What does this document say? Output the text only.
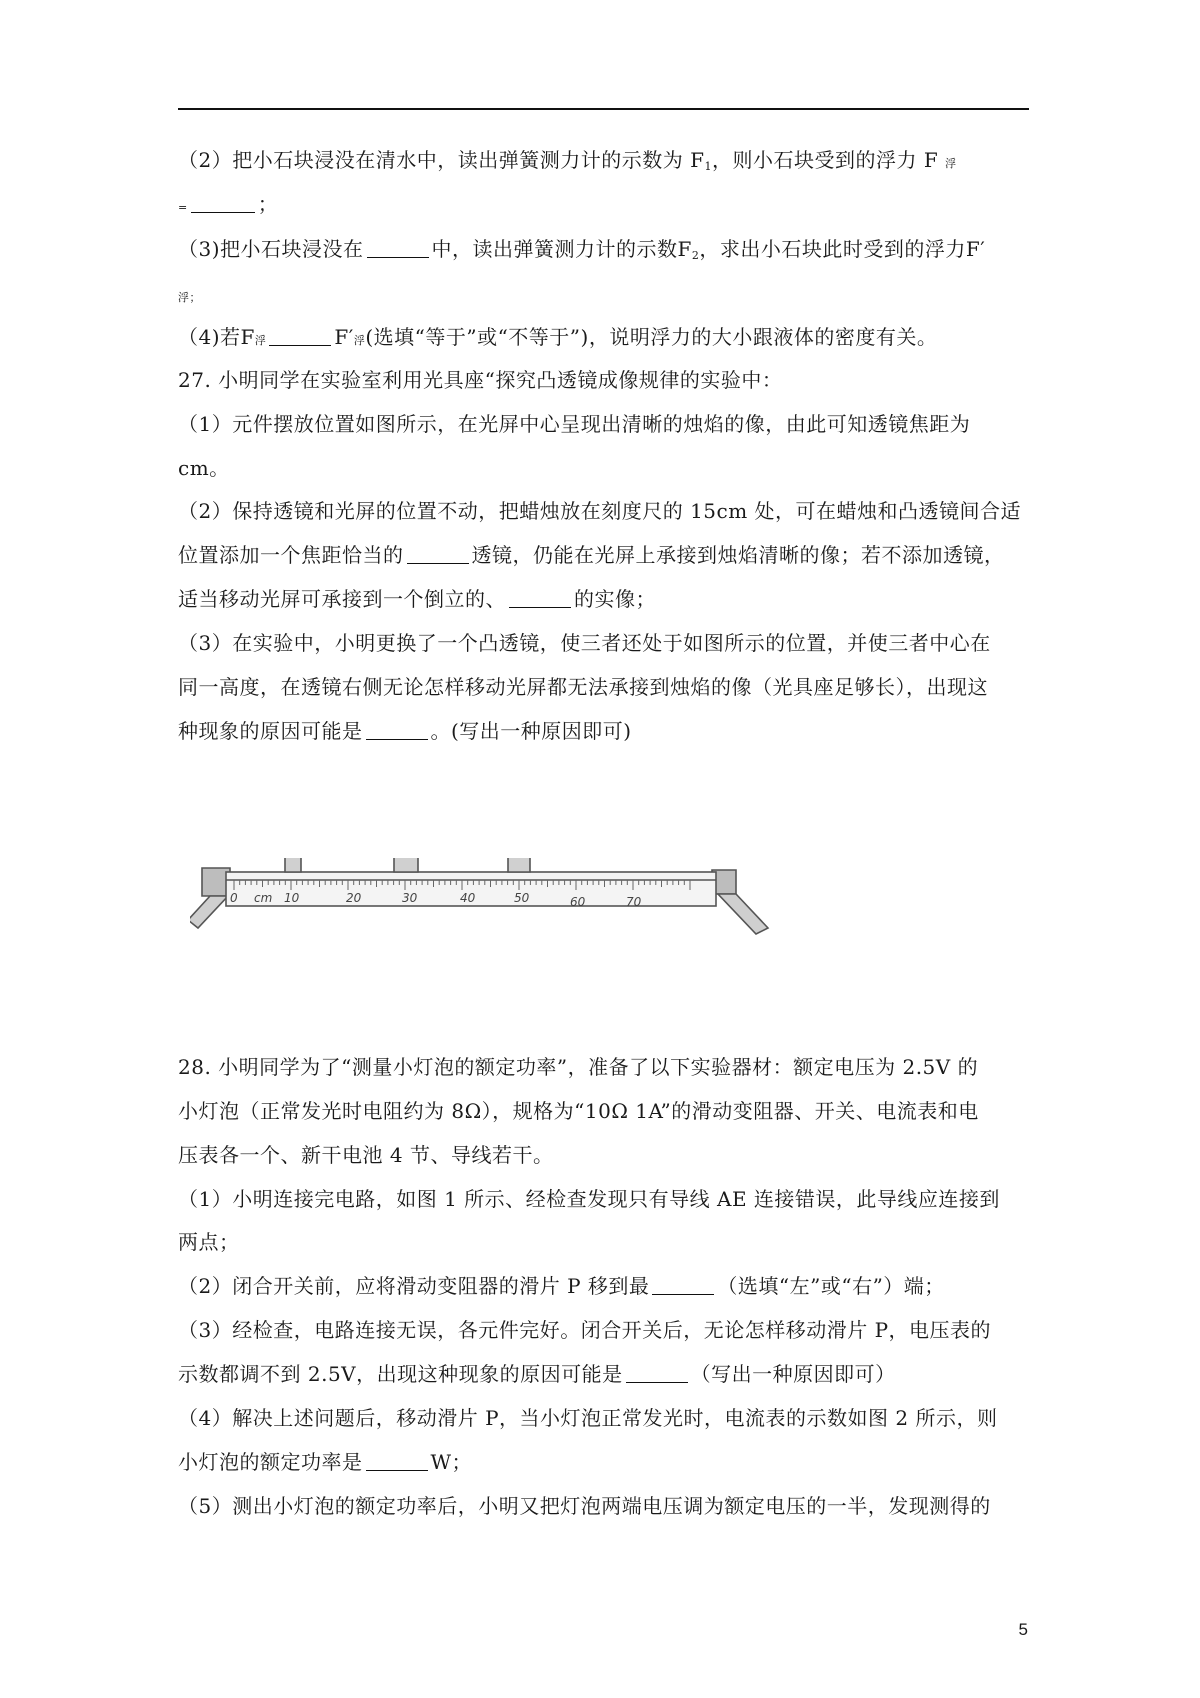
（2）把小石块浸没在清水中，读出弹簧测力计的示数为 $F_1$，则小石块受到的浮力 F 浮
=	；
（3)把小石块浸没在	中，读出弹簧测力计的示数$F_2$，求出小石块此时受到的浮力F′
浮；
（4)若F浮	F′浮(选填“等于”或“不等于”)，说明浮力的大小跟液体的密度有关。
27. 小明同学在实验室利用光具座“探究凸透镜成像规律的实验中：
（1）元件摆放位置如图所示，在光屏中心呈现出清晰的烛焰的像，由此可知透镜焦距为
cm。
（2）保持透镜和光屏的位置不动，把蜡烛放在刻度尺的 15cm 处，可在蜡烛和凸透镜间合适
位置添加一个焦距恰当的	透镜，仍能在光屏上承接到烛焰清晰的像；若不添加透镜，
适当移动光屏可承接到一个倒立的、	的实像；
（3）在实验中，小明更换了一个凸透镜，使三者还处于如图所示的位置，并使三者中心在
同一高度，在透镜右侧无论怎样移动光屏都无法承接到烛焰的像（光具座足够长），出现这
种现象的原因可能是	。(写出一种原因即可)
0 cm 10	20	30	40	50	60	70
28. 小明同学为了“测量小灯泡的额定功率”，准备了以下实验器材：额定电压为 2.5V 的
小灯泡（正常发光时电阻约为 8Ω），规格为“10Ω 1A”的滑动变阻器、开关、电流表和电
压表各一个、新干电池 4 节、导线若干。
（1）小明连接完电路，如图 1 所示、经检查发现只有导线 AE 连接错误，此导线应连接到
两点；
（2）闭合开关前，应将滑动变阻器的滑片 P 移到最	（选填“左”或“右”）端；
（3）经检查，电路连接无误，各元件完好。闭合开关后，无论怎样移动滑片 P，电压表的
示数都调不到 2.5V，出现这种现象的原因可能是	（写出一种原因即可）
（4）解决上述问题后，移动滑片 P，当小灯泡正常发光时，电流表的示数如图 2 所示，则
小灯泡的额定功率是	W；
（5）测出小灯泡的额定功率后，小明又把灯泡两端电压调为额定电压的一半，发现测得的
5
